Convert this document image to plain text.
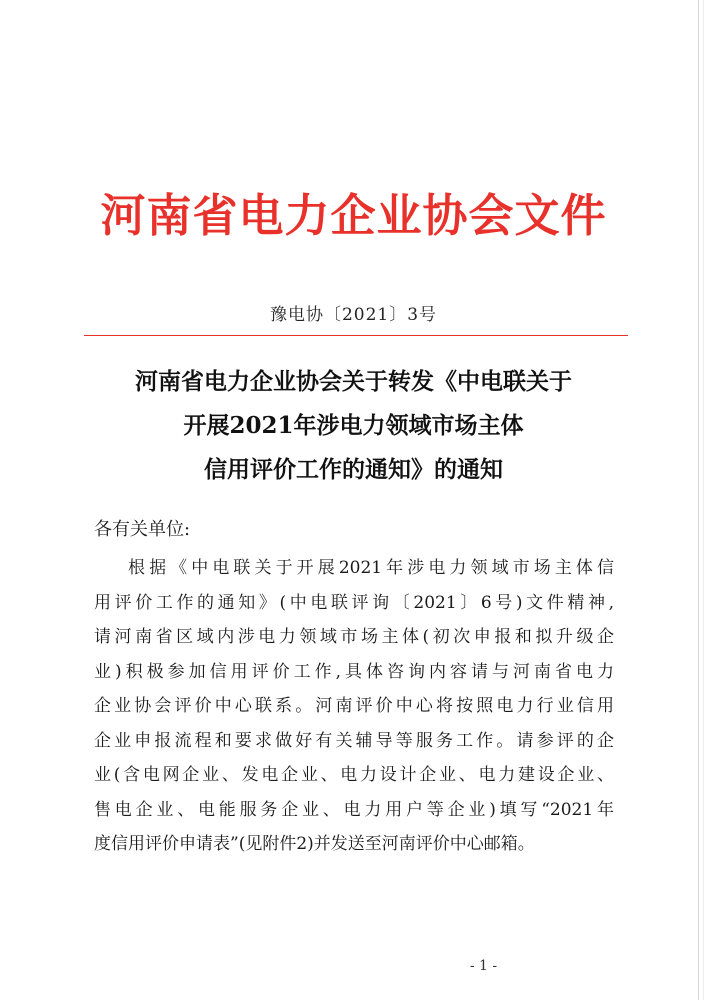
河南省电力企业协会文件
豫电协〔2021〕3号
河南省电力企业协会关于转发《中电联关于
开展2021年涉电力领域市场主体
信用评价工作的通知》的通知
各有关单位:
根据《中电联关于开展2021年涉电力领域市场主体信
用评价工作的通知》(中电联评询〔2021〕6号)文件精神,
请河南省区域内涉电力领域市场主体(初次申报和拟升级企
业)积极参加信用评价工作,具体咨询内容请与河南省电力
企业协会评价中心联系。河南评价中心将按照电力行业信用
企业申报流程和要求做好有关辅导等服务工作。请参评的企
业(含电网企业、发电企业、电力设计企业、电力建设企业、
售电企业、电能服务企业、电力用户等企业)填写“2021年
度信用评价申请表”(见附件2)并发送至河南评价中心邮箱。
- 1 -
